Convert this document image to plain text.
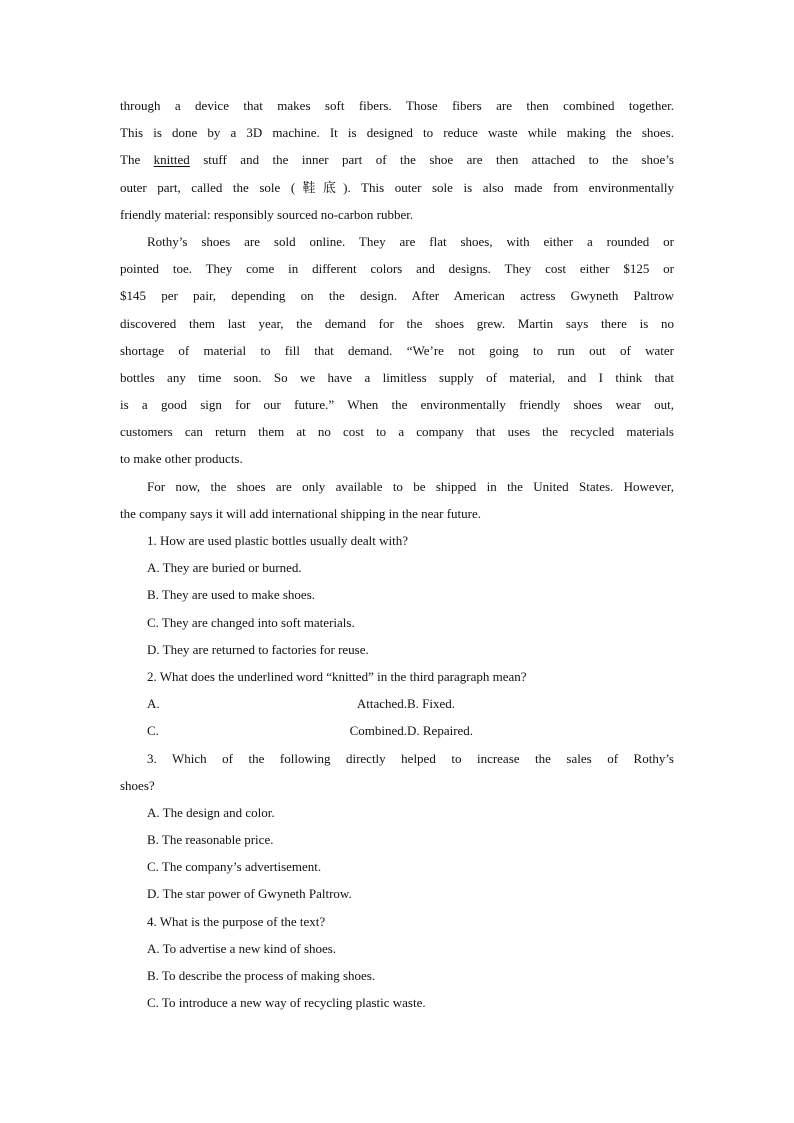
through a device that makes soft fibers. Those fibers are then combined together.
This is done by a 3D machine. It is designed to reduce waste while making the shoes.
The knitted stuff and the inner part of the shoe are then attached to the shoe’s
outer part, called the sole (鞋底). This outer sole is also made from environmentally
friendly material: responsibly sourced no-carbon rubber.
Rothy’s shoes are sold online. They are flat shoes, with either a rounded or
pointed toe. They come in different colors and designs. They cost either $125 or
$145 per pair, depending on the design. After American actress Gwyneth Paltrow
discovered them last year, the demand for the shoes grew. Martin says there is no
shortage of material to fill that demand. “We’re not going to run out of water
bottles any time soon. So we have a limitless supply of material, and I think that
is a good sign for our future.” When the environmentally friendly shoes wear out,
customers can return them at no cost to a company that uses the recycled materials
to make other products.
For now, the shoes are only available to be shipped in the United States. However,
the company says it will add international shipping in the near future.
1. How are used plastic bottles usually dealt with?
A. They are buried or burned.
B. They are used to make shoes.
C. They are changed into soft materials.
D. They are returned to factories for reuse.
2. What does the underlined word “knitted” in the third paragraph mean?
A. Attached. B. Fixed.
C. Combined. D. Repaired.
3. Which of the following directly helped to increase the sales of Rothy’s
shoes?
A. The design and color.
B. The reasonable price.
C. The company’s advertisement.
D. The star power of Gwyneth Paltrow.
4. What is the purpose of the text?
A. To advertise a new kind of shoes.
B. To describe the process of making shoes.
C. To introduce a new way of recycling plastic waste.
